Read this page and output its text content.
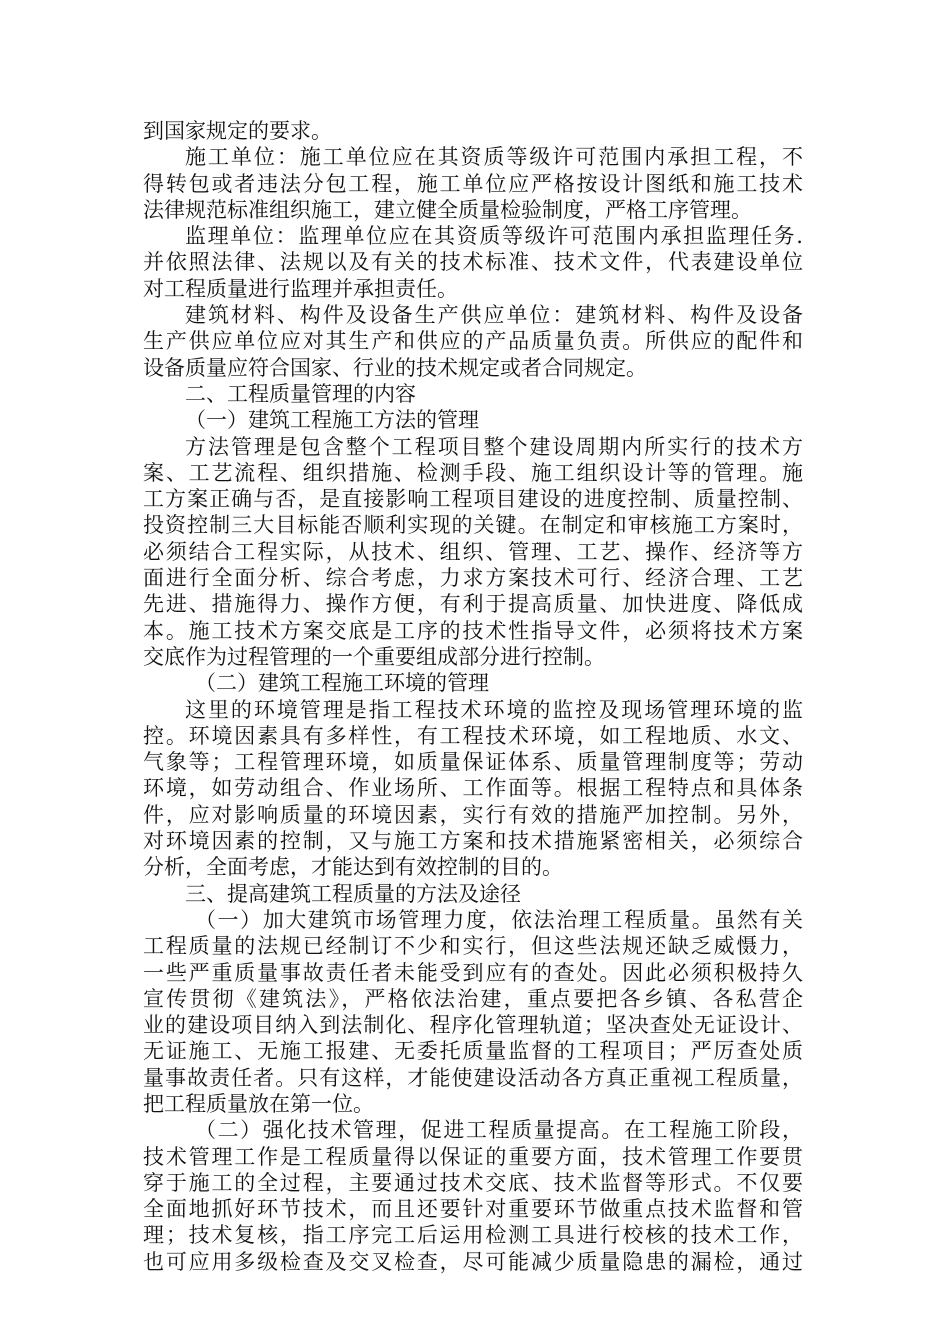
到国家规定的要求。
施工单位：施工单位应在其资质等级许可范围内承担工程，不
得转包或者违法分包工程，施工单位应严格按设计图纸和施工技术
法律规范标准组织施工，建立健全质量检验制度，严格工序管理。
监理单位：监理单位应在其资质等级许可范围内承担监理任务.
并依照法律、法规以及有关的技术标准、技术文件，代表建设单位
对工程质量进行监理并承担责任。
建筑材料、构件及设备生产供应单位：建筑材料、构件及设备
生产供应单位应对其生产和供应的产品质量负责。所供应的配件和
设备质量应符合国家、行业的技术规定或者合同规定。
二、工程质量管理的内容
（一）建筑工程施工方法的管理
方法管理是包含整个工程项目整个建设周期内所实行的技术方
案、工艺流程、组织措施、检测手段、施工组织设计等的管理。施
工方案正确与否，是直接影响工程项目建设的进度控制、质量控制、
投资控制三大目标能否顺利实现的关键。在制定和审核施工方案时，
必须结合工程实际，从技术、组织、管理、工艺、操作、经济等方
面进行全面分析、综合考虑，力求方案技术可行、经济合理、工艺
先进、措施得力、操作方便，有利于提高质量、加快进度、降低成
本。施工技术方案交底是工序的技术性指导文件，必须将技术方案
交底作为过程管理的一个重要组成部分进行控制。
（二）建筑工程施工环境的管理
这里的环境管理是指工程技术环境的监控及现场管理环境的监
控。环境因素具有多样性，有工程技术环境，如工程地质、水文、
气象等；工程管理环境，如质量保证体系、质量管理制度等；劳动
环境，如劳动组合、作业场所、工作面等。根据工程特点和具体条
件，应对影响质量的环境因素，实行有效的措施严加控制。另外，
对环境因素的控制，又与施工方案和技术措施紧密相关，必须综合
分析，全面考虑，才能达到有效控制的目的。
三、提高建筑工程质量的方法及途径
（一）加大建筑市场管理力度，依法治理工程质量。虽然有关
工程质量的法规已经制订不少和实行，但这些法规还缺乏威慑力，
一些严重质量事故责任者未能受到应有的查处。因此必须积极持久
宣传贯彻《建筑法》，严格依法治建，重点要把各乡镇、各私营企
业的建设项目纳入到法制化、程序化管理轨道；坚决查处无证设计、
无证施工、无施工报建、无委托质量监督的工程项目；严厉查处质
量事故责任者。只有这样，才能使建设活动各方真正重视工程质量，
把工程质量放在第一位。
（二）强化技术管理，促进工程质量提高。在工程施工阶段，
技术管理工作是工程质量得以保证的重要方面，技术管理工作要贯
穿于施工的全过程，主要通过技术交底、技术监督等形式。不仅要
全面地抓好环节技术，而且还要针对重要环节做重点技术监督和管
理；技术复核，指工序完工后运用检测工具进行校核的技术工作，
也可应用多级检查及交叉检查，尽可能减少质量隐患的漏检，通过
